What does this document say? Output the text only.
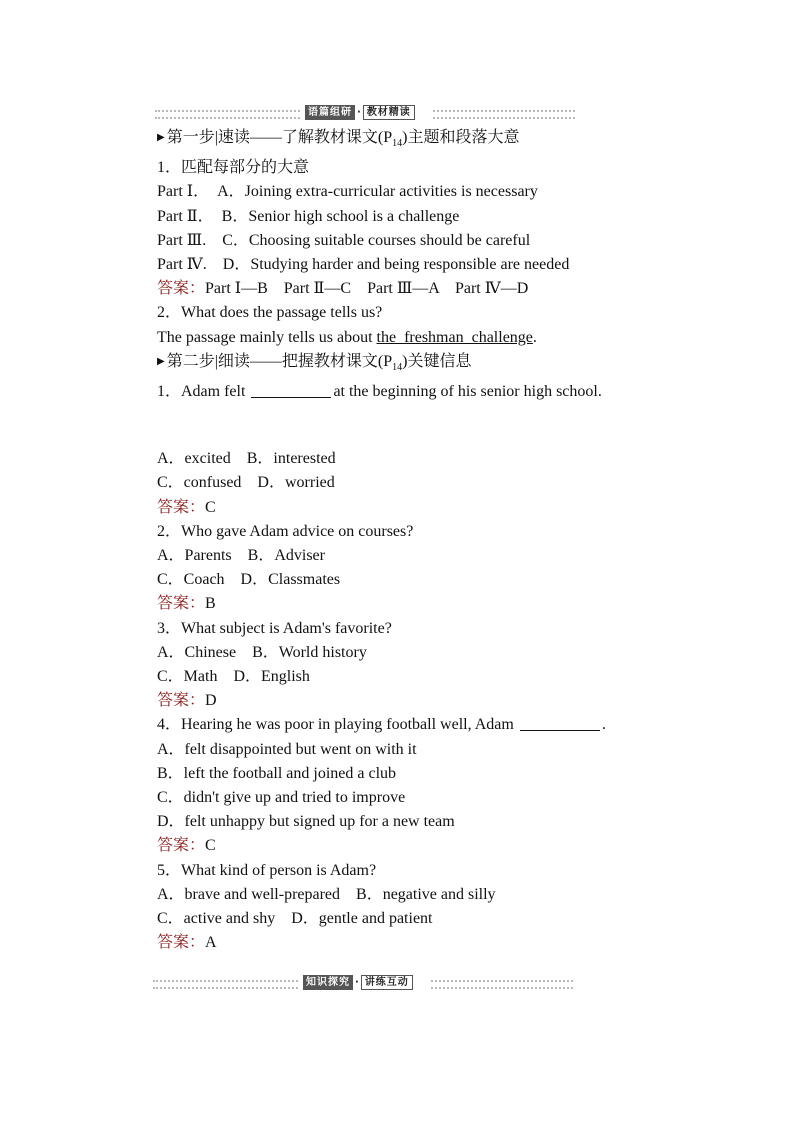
语篇组研 · 教材精读
▶ 第一步|速读——了解教材课文$(P_{14})$主题和段落大意
1．匹配每部分的大意
Part Ⅰ．　A．Joining extra-curricular activities is necessary
Part Ⅱ．　B．Senior high school is a challenge
Part Ⅲ.　C．Choosing suitable courses should be careful
Part Ⅳ.　D．Studying harder and being responsible are needed
答案：Part Ⅰ—B　Part Ⅱ—C　Part Ⅲ—A　Part Ⅳ—D
2．What does the passage tells us?
The passage mainly tells us about the_freshman_challenge.
▶ 第二步|细读——把握教材课文$(P_{14})$关键信息
1．Adam felt	at the beginning of his senior high school.
A．excited　B．interested
C．confused　D．worried
答案：C
2．Who gave Adam advice on courses?
A．Parents　B．Adviser
C．Coach　D．Classmates
答案：B
3．What subject is Adam's favorite?
A．Chinese　B．World history
C．Math　D．English
答案：D
4．Hearing he was poor in playing football well, Adam	.
A．felt disappointed but went on with it
B．left the football and joined a club
C．didn't give up and tried to improve
D．felt unhappy but signed up for a new team
答案：C
5．What kind of person is Adam?
A．brave and well-prepared　B．negative and silly
C．active and shy　D．gentle and patient
答案：A
知识探究 · 讲练互动
